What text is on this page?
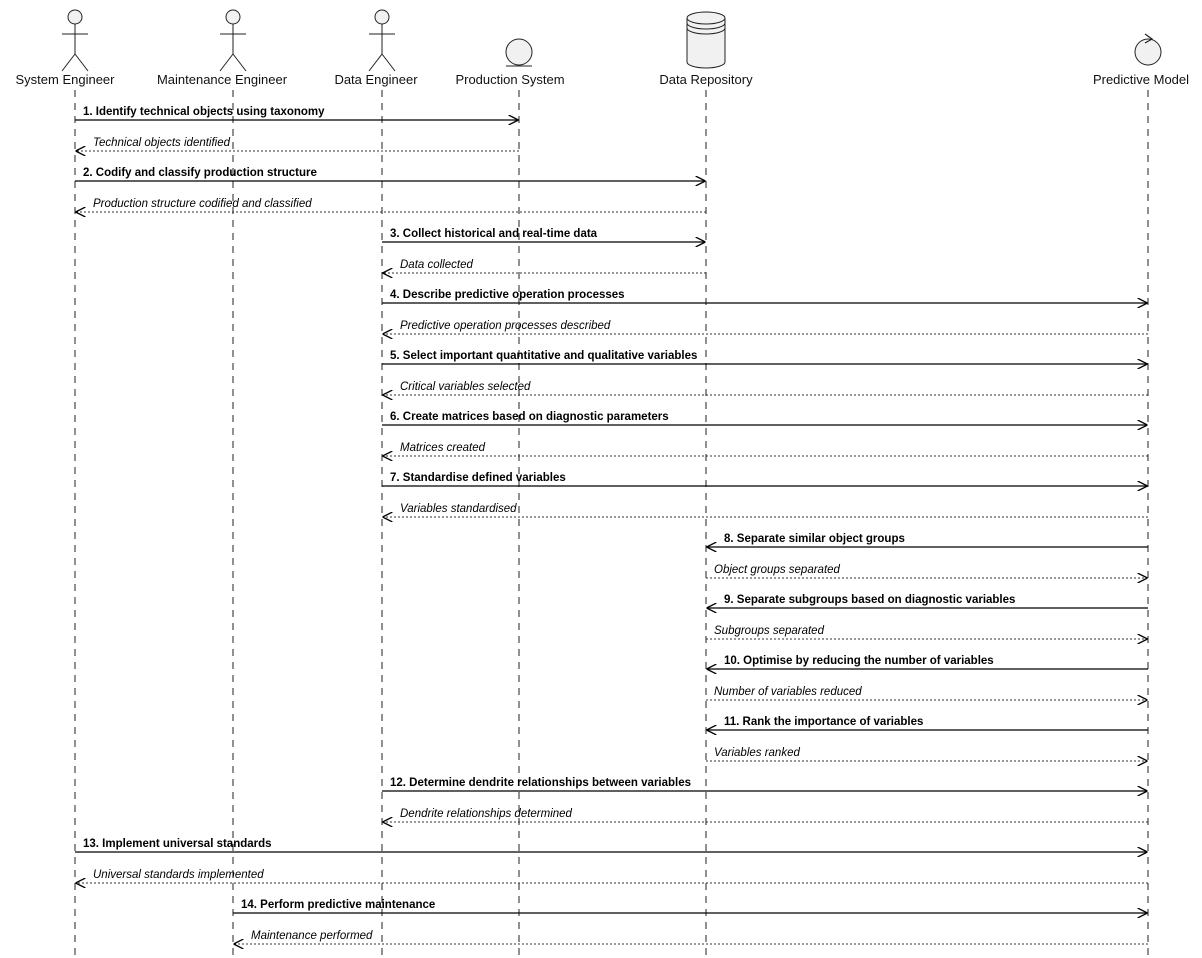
System Engineer	Maintenance Engineer	Data Engineer	Production System	Data Repository	Predictive Model
1. Identify technical objects using taxonomy
Technical objects identified
2. Codify and classify production structure
Production structure codified and classified
3. Collect historical and real-time data
Data collected
4. Describe predictive operation processes
Predictive operation processes described
5. Select important quantitative and qualitative variables
Critical variables selected
6. Create matrices based on diagnostic parameters
Matrices created
7. Standardise defined variables
Variables standardised
8. Separate similar object groups
Object groups separated
9. Separate subgroups based on diagnostic variables
Subgroups separated
10. Optimise by reducing the number of variables
Number of variables reduced
11. Rank the importance of variables
Variables ranked
12. Determine dendrite relationships between variables
Dendrite relationships determined
13. Implement universal standards
Universal standards implemented
14. Perform predictive maintenance
Maintenance performed
